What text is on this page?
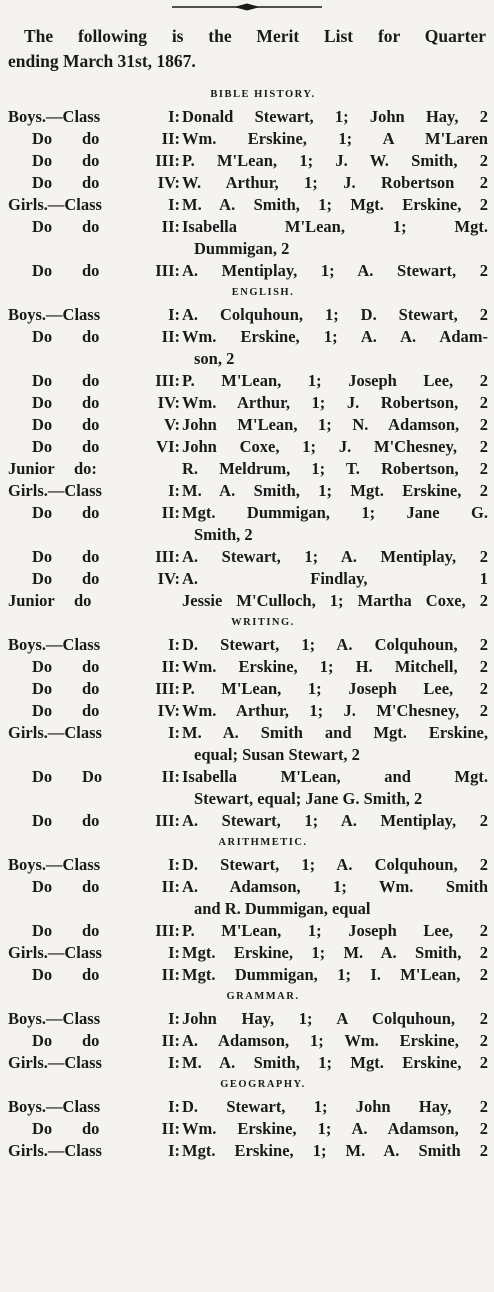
The following is the Merit List for Quarter
ending March 31st, 1867.
BIBLE HISTORY.
Boys.—Class	I: Donald Stewart, 1; John Hay, 2
Do do	II: Wm. Erskine, 1; A M'Laren
Do do	III: P. M'Lean, 1; J. W. Smith, 2
Do do	IV: W. Arthur, 1; J. Robertson 2
Girls.—Class	I: M. A. Smith, 1; Mgt. Erskine, 2
Do do	II: Isabella M'Lean, 1; Mgt.
Dummigan, 2
Do do	III: A. Mentiplay, 1; A. Stewart, 2
ENGLISH.
Boys.—Class	I: A. Colquhoun, 1; D. Stewart, 2
Do do	II: Wm. Erskine, 1; A. A. Adam-
son, 2
Do do	III: P. M'Lean, 1; Joseph Lee, 2
Do do	IV: Wm. Arthur, 1; J. Robertson, 2
Do do	V: John M'Lean, 1; N. Adamson, 2
Do do	VI: John Coxe, 1; J. M'Chesney, 2
Junior do:	R. Meldrum, 1; T. Robertson, 2
Girls.—Class	I: M. A. Smith, 1; Mgt. Erskine, 2
Do do	II: Mgt. Dummigan, 1; Jane G.
Smith, 2
Do do	III: A. Stewart, 1; A. Mentiplay, 2
Do do	IV: A. Findlay, 1
Junior do	Jessie M'Culloch, 1; Martha Coxe, 2
WRITING.
Boys.—Class	I: D. Stewart, 1; A. Colquhoun, 2
Do do	II: Wm. Erskine, 1; H. Mitchell, 2
Do do	III: P. M'Lean, 1; Joseph Lee, 2
Do do	IV: Wm. Arthur, 1; J. M'Chesney, 2
Girls.—Class	I: M. A. Smith and Mgt. Erskine,
equal; Susan Stewart, 2
Do Do	II: Isabella M'Lean, and Mgt.
Stewart, equal; Jane G. Smith, 2
Do do	III: A. Stewart, 1; A. Mentiplay, 2
ARITHMETIC.
Boys.—Class	I: D. Stewart, 1; A. Colquhoun, 2
Do do	II: A. Adamson, 1; Wm. Smith
and R. Dummigan, equal
Do do	III: P. M'Lean, 1; Joseph Lee, 2
Girls.—Class	I: Mgt. Erskine, 1; M. A. Smith, 2
Do do	II: Mgt. Dummigan, 1; I. M'Lean, 2
GRAMMAR.
Boys.—Class	I: John Hay, 1; A Colquhoun, 2
Do do	II: A. Adamson, 1; Wm. Erskine, 2
Girls.—Class	I: M. A. Smith, 1; Mgt. Erskine, 2
GEOGRAPHY.
Boys.—Class	I: D. Stewart, 1; John Hay, 2
Do do	II: Wm. Erskine, 1; A. Adamson, 2
Girls.—Class	I: Mgt. Erskine, 1; M. A. Smith 2
